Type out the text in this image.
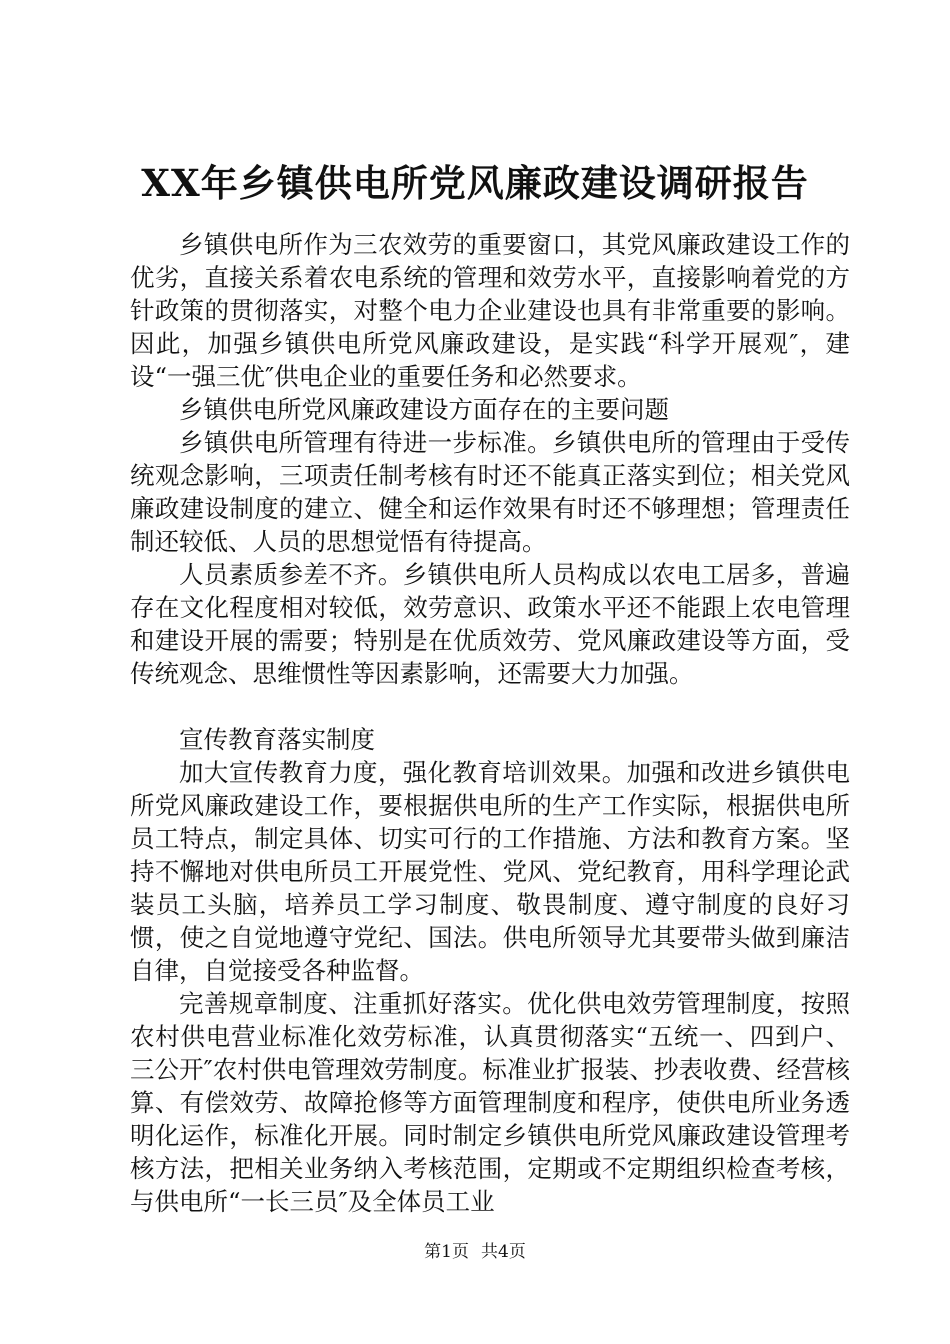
XX年乡镇供电所党风廉政建设调研报告

乡镇供电所作为三农效劳的重要窗口，其党风廉政建设工作的优劣，直接关系着农电系统的管理和效劳水平，直接影响着党的方针政策的贯彻落实，对整个电力企业建设也具有非常重要的影响。因此，加强乡镇供电所党风廉政建设，是实践“科学开展观″，建设“一强三优″供电企业的重要任务和必然要求。

乡镇供电所党风廉政建设方面存在的主要问题

乡镇供电所管理有待进一步标准。乡镇供电所的管理由于受传统观念影响，三项责任制考核有时还不能真正落实到位；相关党风廉政建设制度的建立、健全和运作效果有时还不够理想；管理责任制还较低、人员的思想觉悟有待提高。

人员素质参差不齐。乡镇供电所人员构成以农电工居多，普遍存在文化程度相对较低，效劳意识、政策水平还不能跟上农电管理和建设开展的需要；特别是在优质效劳、党风廉政建设等方面，受传统观念、思维惯性等因素影响，还需要大力加强。

宣传教育落实制度

加大宣传教育力度，强化教育培训效果。加强和改进乡镇供电所党风廉政建设工作，要根据供电所的生产工作实际，根据供电所员工特点，制定具体、切实可行的工作措施、方法和教育方案。坚持不懈地对供电所员工开展党性、党风、党纪教育，用科学理论武装员工头脑，培养员工学习制度、敬畏制度、遵守制度的良好习惯，使之自觉地遵守党纪、国法。供电所领导尤其要带头做到廉洁自律，自觉接受各种监督。

完善规章制度、注重抓好落实。优化供电效劳管理制度，按照农村供电营业标准化效劳标准，认真贯彻落实“五统一、四到户、三公开″农村供电管理效劳制度。标准业扩报装、抄表收费、经营核算、有偿效劳、故障抢修等方面管理制度和程序，使供电所业务透明化运作，标准化开展。同时制定乡镇供电所党风廉政建设管理考核方法，把相关业务纳入考核范围，定期或不定期组织检查考核，与供电所“一长三员″及全体员工业

第1页 共4页
